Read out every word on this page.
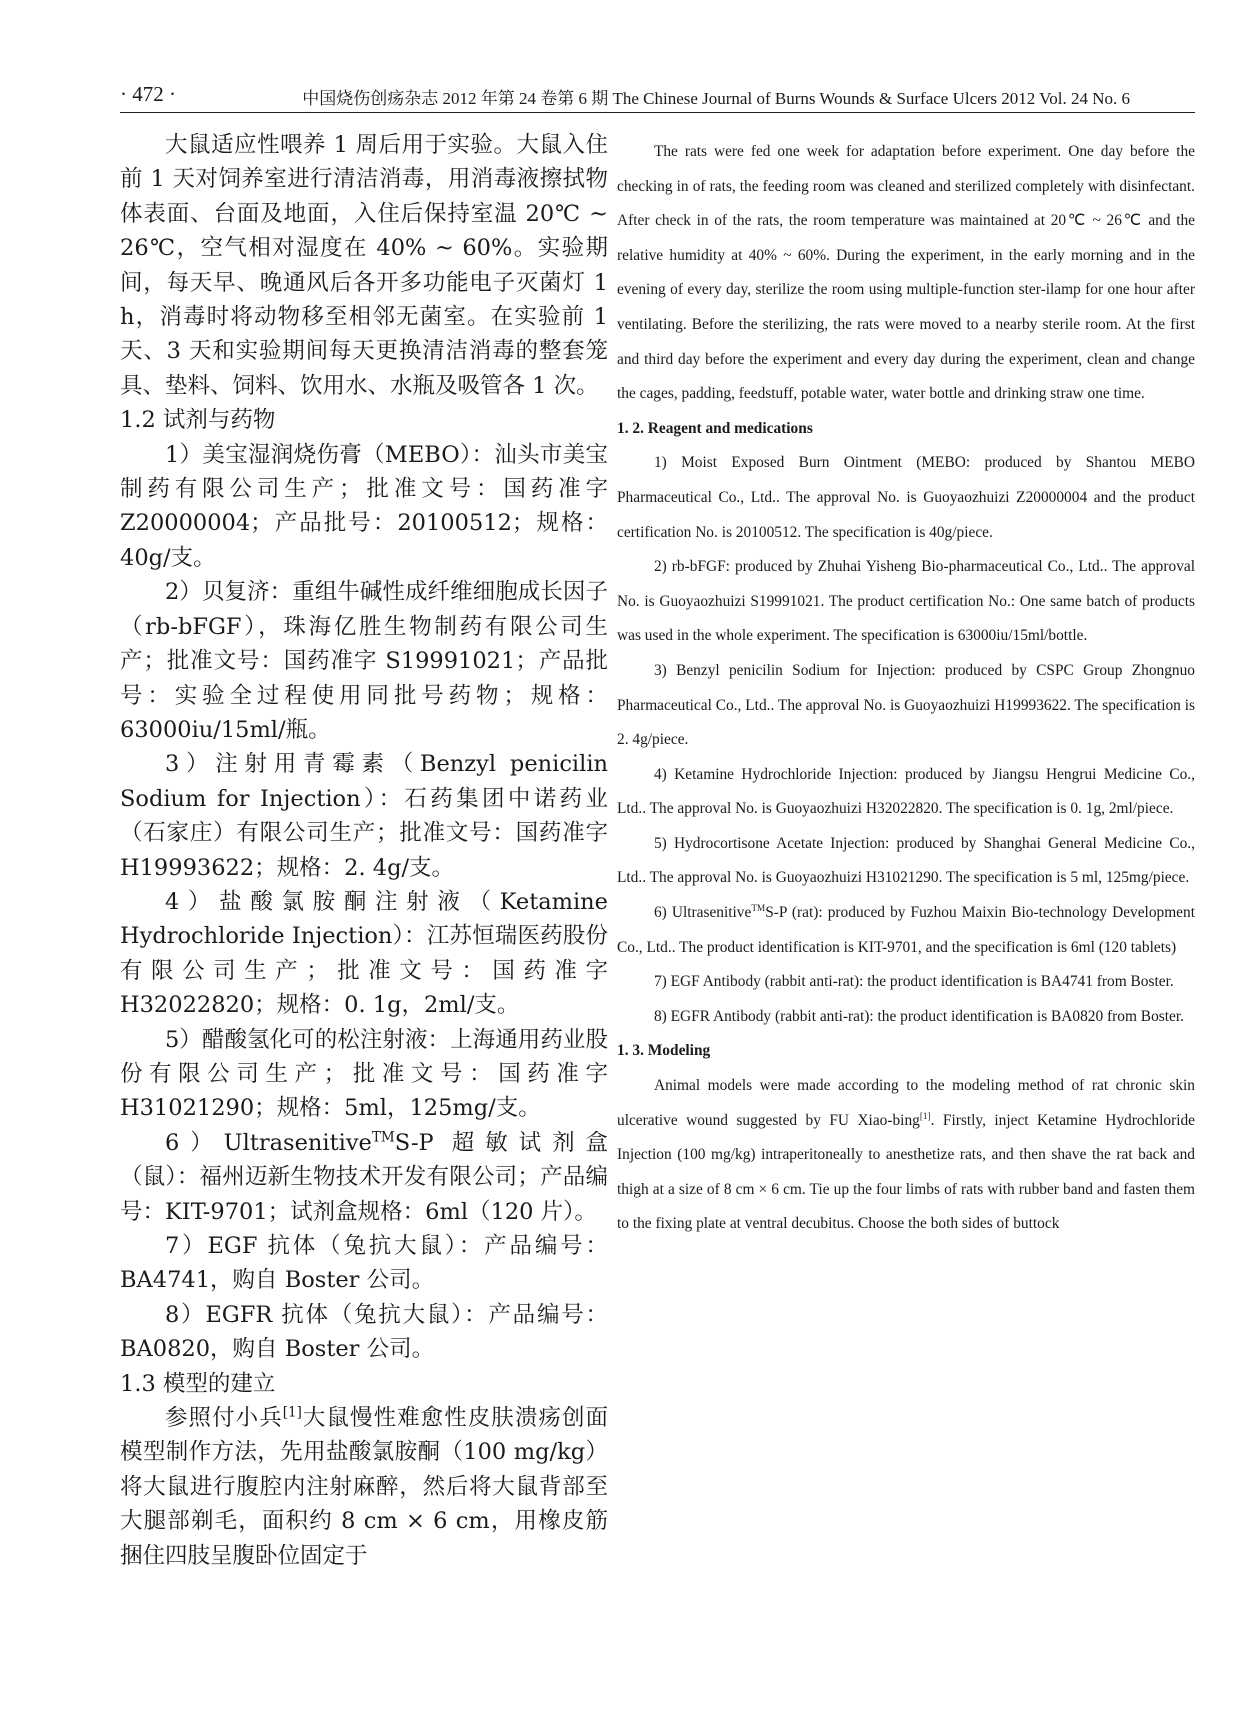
· 472 ·	中国烧伤创疡杂志 2012 年第 24 卷第 6 期 The Chinese Journal of Burns Wounds & Surface Ulcers 2012 Vol. 24 No. 6

大鼠适应性喂养 1 周后用于实验。大鼠入住前 1 天对饲养室进行清洁消毒，用消毒液擦拭物体表面、台面及地面，入住后保持室温 20℃ ~ 26℃，空气相对湿度在 40% ~ 60%。实验期间，每天早、晚通风后各开多功能电子灭菌灯 1 h，消毒时将动物移至相邻无菌室。在实验前 1 天、3 天和实验期间每天更换清洁消毒的整套笼具、垫料、饲料、饮用水、水瓶及吸管各 1 次。

1.2 试剂与药物

1）美宝湿润烧伤膏（MEBO）：汕头市美宝制药有限公司生产；批准文号：国药准字 Z20000004；产品批号：20100512；规格：40g/支。

2）贝复济：重组牛碱性成纤维细胞成长因子（rb-bFGF），珠海亿胜生物制药有限公司生产；批准文号：国药准字 S19991021；产品批号：实验全过程使用同批号药物；规格：63000iu/15ml/瓶。

3）注射用青霉素（Benzyl penicilin Sodium for Injection）：石药集团中诺药业（石家庄）有限公司生产；批准文号：国药准字 H19993622；规格：2. 4g/支。

4）盐酸氯胺酮注射液（Ketamine Hydrochloride Injection）：江苏恒瑞医药股份有限公司生产；批准文号：国药准字 H32022820；规格：0. 1g，2ml/支。

5）醋酸氢化可的松注射液：上海通用药业股份有限公司生产；批准文号：国药准字 H31021290；规格：5ml，125mg/支。

6）Ultrasenitive™S-P 超敏试剂盒（鼠）：福州迈新生物技术开发有限公司；产品编号：KIT-9701；试剂盒规格：6ml（120 片）。

7）EGF 抗体（兔抗大鼠）：产品编号：BA4741，购自 Boster 公司。

8）EGFR 抗体（兔抗大鼠）：产品编号：BA0820，购自 Boster 公司。

1.3 模型的建立

参照付小兵[1]大鼠慢性难愈性皮肤溃疡创面模型制作方法，先用盐酸氯胺酮（100 mg/kg）将大鼠进行腹腔内注射麻醉，然后将大鼠背部至大腿部剃毛，面积约 8 cm × 6 cm，用橡皮筋捆住四肢呈腹卧位固定于

The rats were fed one week for adaptation before experiment. One day before the checking in of rats, the feeding room was cleaned and sterilized completely with disinfectant. After check in of the rats, the room temperature was maintained at 20℃ ~ 26℃ and the relative humidity at 40% ~ 60%. During the experiment, in the early morning and in the evening of every day, sterilize the room using multiple-function ster-ilamp for one hour after ventilating. Before the sterilizing, the rats were moved to a nearby sterile room. At the first and third day before the experiment and every day during the experiment, clean and change the cages, padding, feedstuff, potable water, water bottle and drinking straw one time.

1. 2. Reagent and medications

1) Moist Exposed Burn Ointment (MEBO: produced by Shantou MEBO Pharmaceutical Co., Ltd.. The approval No. is Guoyaozhuizi Z20000004 and the product certification No. is 20100512. The specification is 40g/piece.

2) rb-bFGF: produced by Zhuhai Yisheng Bio-pharmaceutical Co., Ltd.. The approval No. is Guoyaozhuizi S19991021. The product certification No.: One same batch of products was used in the whole experiment. The specification is 63000iu/15ml/bottle.

3) Benzyl penicilin Sodium for Injection: produced by CSPC Group Zhongnuo Pharmaceutical Co., Ltd.. The approval No. is Guoyaozhuizi H19993622. The specification is 2. 4g/piece.

4) Ketamine Hydrochloride Injection: produced by Jiangsu Hengrui Medicine Co., Ltd.. The approval No. is Guoyaozhuizi H32022820. The specification is 0. 1g, 2ml/piece.

5) Hydrocortisone Acetate Injection: produced by Shanghai General Medicine Co., Ltd.. The approval No. is Guoyaozhuizi H31021290. The specification is 5 ml, 125mg/piece.

6) Ultrasenitive™S-P (rat): produced by Fuzhou Maixin Bio-technology Development Co., Ltd.. The product identification is KIT-9701, and the specification is 6ml (120 tablets)

7) EGF Antibody (rabbit anti-rat): the product identification is BA4741 from Boster.

8) EGFR Antibody (rabbit anti-rat): the product identification is BA0820 from Boster.

1. 3. Modeling

Animal models were made according to the modeling method of rat chronic skin ulcerative wound suggested by FU Xiao-bing[1]. Firstly, inject Ketamine Hydrochloride Injection (100 mg/kg) intraperitoneally to anesthetize rats, and then shave the rat back and thigh at a size of 8 cm × 6 cm. Tie up the four limbs of rats with rubber band and fasten them to the fixing plate at ventral decubitus. Choose the both sides of buttock
